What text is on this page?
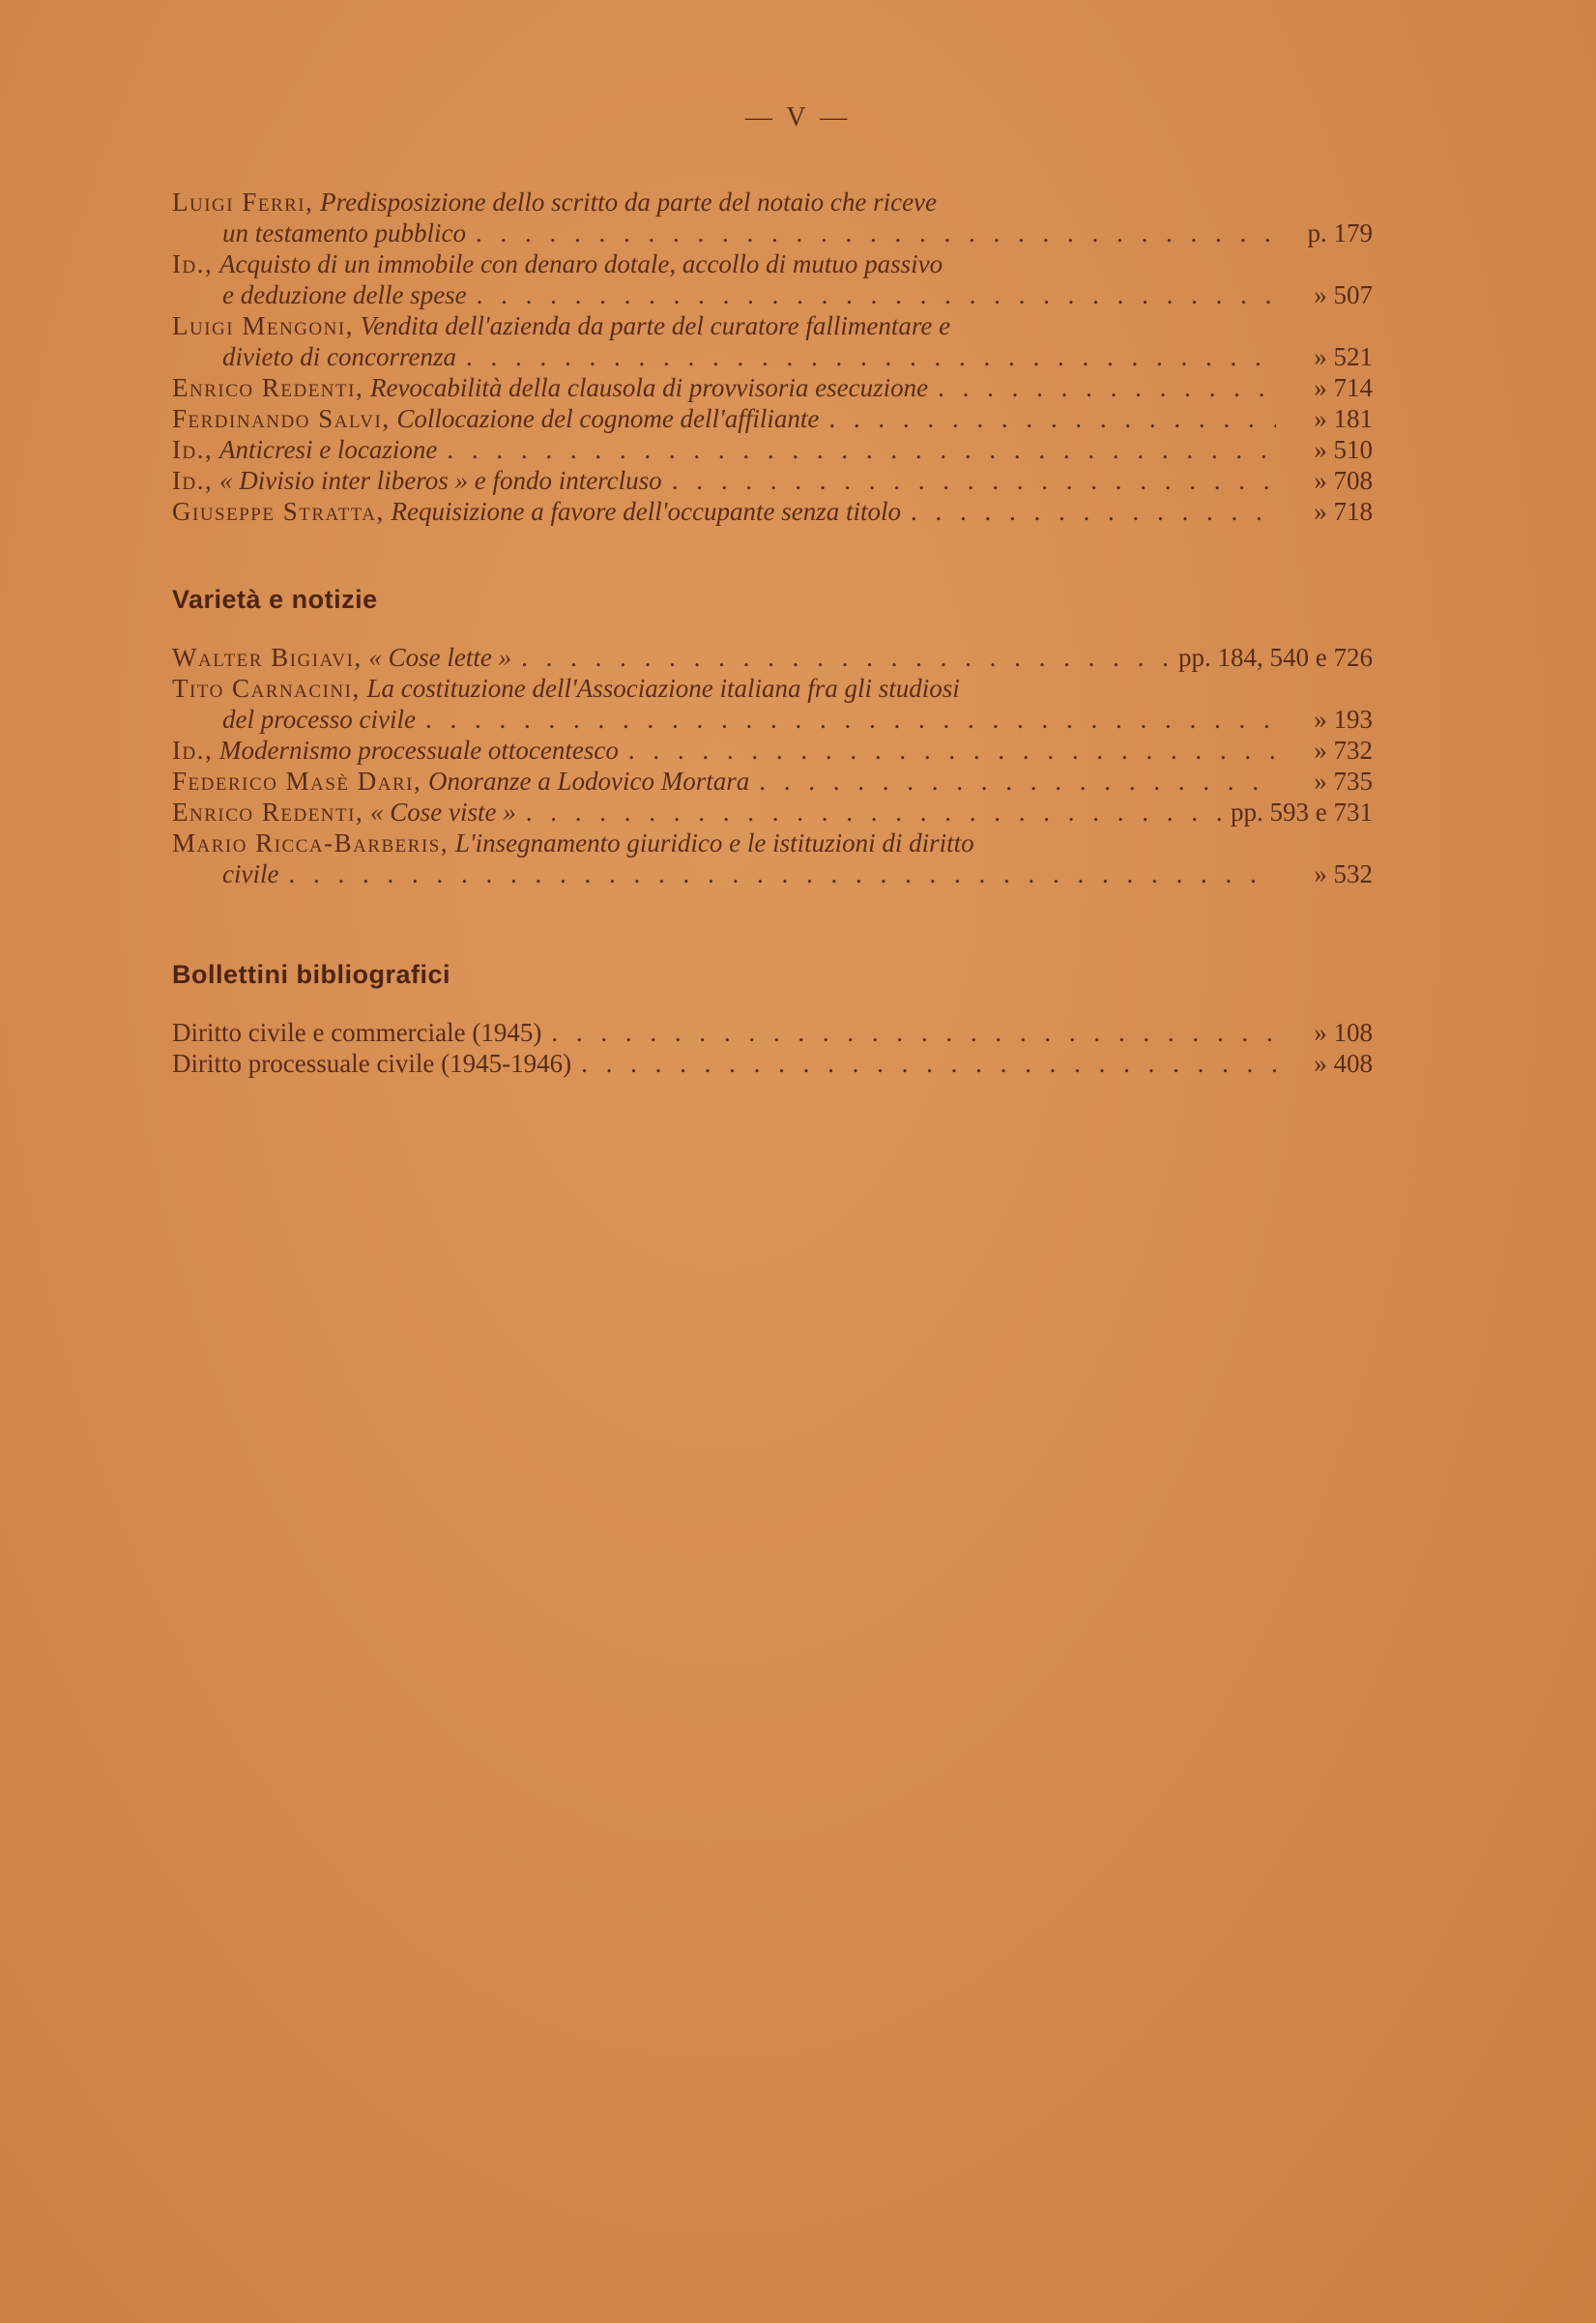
— V —
Luigi Ferri, Predisposizione dello scritto da parte del notaio che riceve
un testamento pubblico . . .	p. 179
Id., Acquisto di un immobile con denaro dotale, accollo di mutuo passivo
e deduzione delle spese . . .	» 507
Luigi Mengoni, Vendita dell'azienda da parte del curatore fallimentare e
divieto di concorrenza . . .	» 521
Enrico Redenti,
Revocabilità della clausola di provvisoria esecuzione . . .	» 714
Ferdinando Salvi,
Collocazione del cognome dell'affiliante . . .	» 181
Id.,
Anticresi e locazione . . .	» 510
Id.,
« Divisio inter liberos » e fondo intercluso . . .	» 708
Giuseppe Stratta,
Requisizione a favore dell'occupante senza titolo . . .	» 718
Varietà e notizie
Walter Bigiavi,
« Cose lette » . . .	pp. 184, 540 e 726
Tito Carnacini, La costituzione dell'Associazione italiana fra gli studiosi
del processo civile . . .	» 193
Id.,
Modernismo processuale ottocentesco . . .	» 732
Federico Masè Dari,
Onoranze a Lodovico Mortara . . .	» 735
Enrico Redenti,
« Cose viste » . . .	pp. 593 e 731
Mario Ricca-Barberis, L'insegnamento giuridico e le istituzioni di diritto
civile . . .	» 532
Bollettini bibliografici
Diritto civile e commerciale (1945) . . .	» 108
Diritto processuale civile (1945-1946) . . .	» 408
